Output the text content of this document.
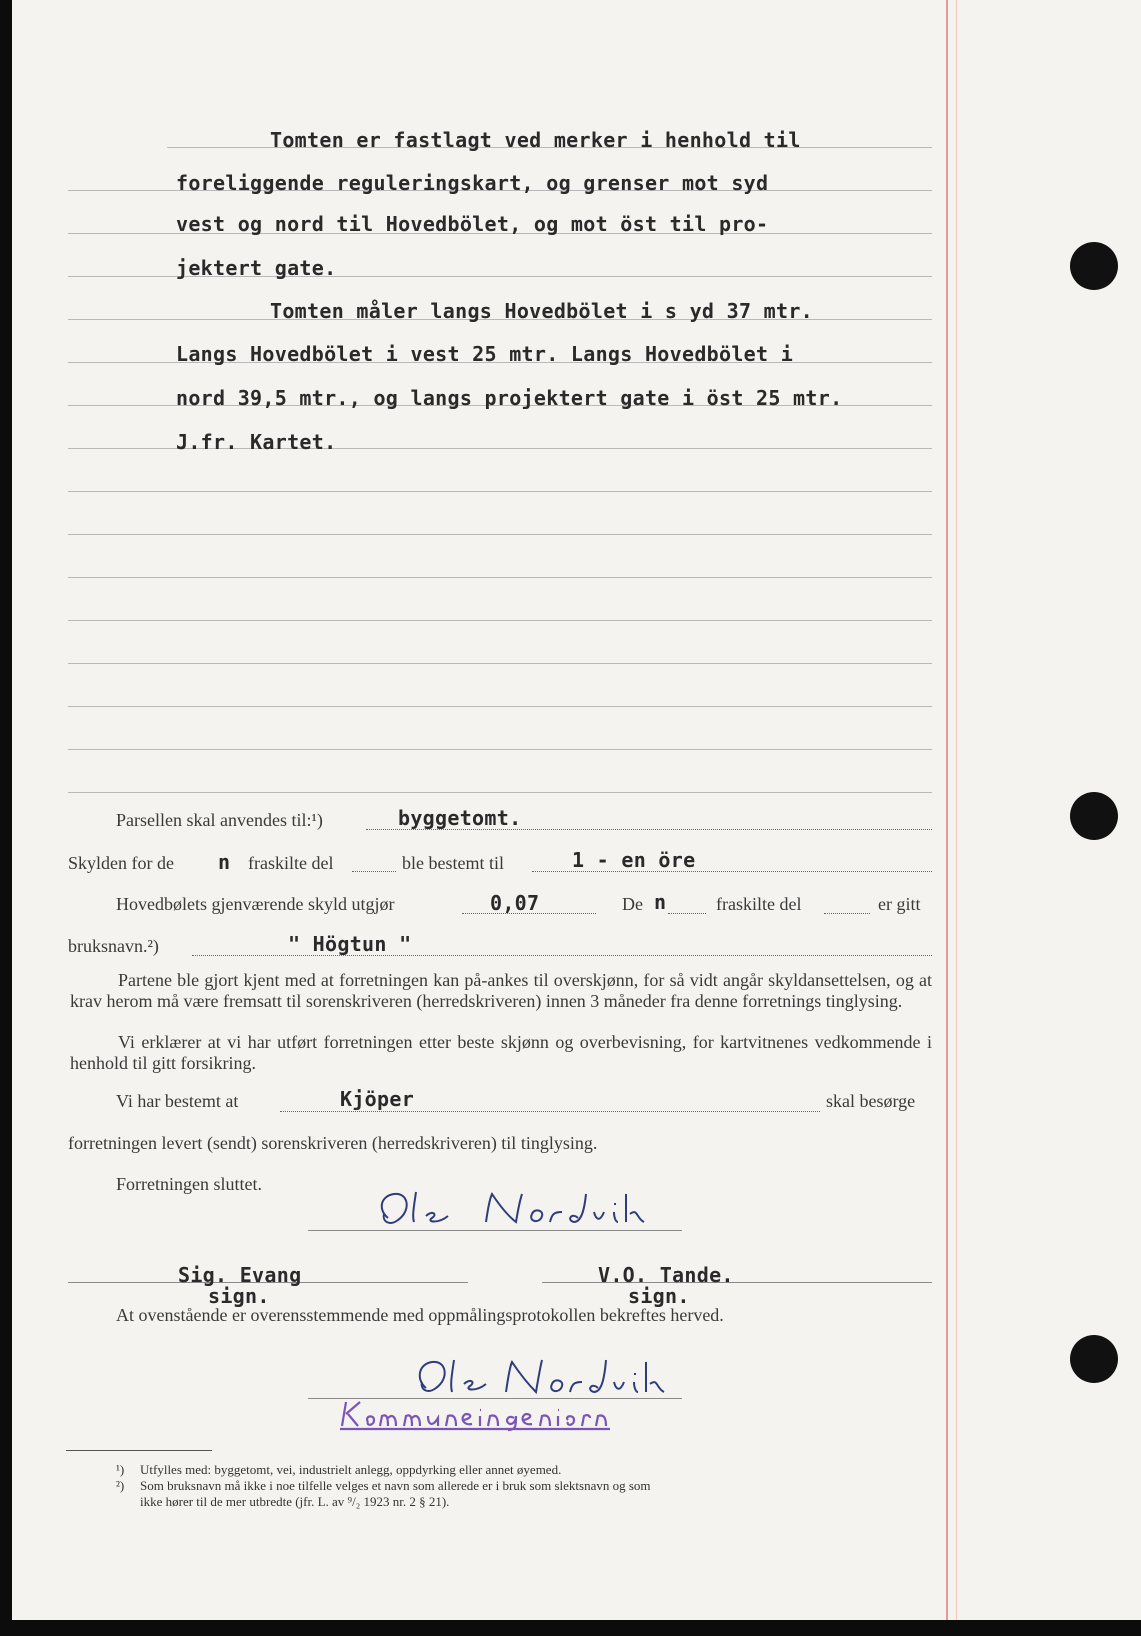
Tomten er fastlagt ved merker i henhold til
foreliggende reguleringskart, og grenser mot syd
vest og nord til Hovedbölet, og mot öst til pro-
jektert gate.
Tomten måler langs Hovedbölet i s yd 37 mtr.
Langs Hovedbölet i vest 25 mtr. Langs Hovedbölet i
nord 39,5 mtr., og langs projektert gate i öst 25 mtr.
J.fr. Kartet.
Parsellen skal anvendes til:¹)	byggetomt.
Skylden for de n fraskilte del	ble bestemt til	1 - en öre
Hovedbølets gjenværende skyld utgjør	0,07	De n	fraskilte del	er gitt
bruksnavn.²)	" Högtun "
Partene ble gjort kjent med at forretningen kan på-ankes til overskjønn, for så vidt angår skyldansettelsen, og at krav herom må være fremsatt til sorenskriveren (herredskriveren) innen 3 måneder fra denne forretnings tinglysing.
Vi erklærer at vi har utført forretningen etter beste skjønn og overbevisning, for kartvitnenes vedkommende i henhold til gitt forsikring.
Vi har bestemt at	Kjöper	skal besørge
forretningen levert (sendt) sorenskriveren (herredskriveren) til tinglysing.
Forretningen sluttet.
Sig. Evang
sign.
V.O. Tande.
sign.
At ovenstående er overensstemmende med oppmålingsprotokollen bekreftes herved.
¹) Utfylles med: byggetomt, vei, industrielt anlegg, oppdyrking eller annet øyemed.
²) Som bruksnavn må ikke i noe tilfelle velges et navn som allerede er i bruk som slektsnavn og som
ikke hører til de mer utbredte (jfr. L. av ⁹/₂ 1923 nr. 2 § 21).
